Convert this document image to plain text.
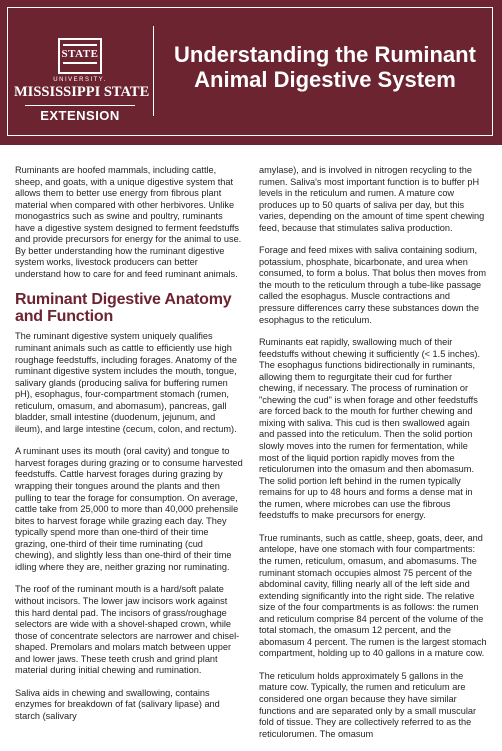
STATE
UNIVERSITY.
MISSISSIPPI STATE
EXTENSION
Understanding the Ruminant
Animal Digestive System

Ruminants are hoofed mammals, including cattle, sheep, and goats, with a unique digestive system that allows them to better use energy from fibrous plant material when compared with other herbivores. Unlike monogastrics such as swine and poultry, ruminants have a digestive system designed to ferment feedstuffs and provide precursors for energy for the animal to use. By better understanding how the ruminant digestive system works, livestock producers can better understand how to care for and feed ruminant animals.

Ruminant Digestive Anatomy and Function

The ruminant digestive system uniquely qualifies ruminant animals such as cattle to efficiently use high roughage feedstuffs, including forages. Anatomy of the ruminant digestive system includes the mouth, tongue, salivary glands (producing saliva for buffering rumen pH), esophagus, four-compartment stomach (rumen, reticulum, omasum, and abomasum), pancreas, gall bladder, small intestine (duodenum, jejunum, and ileum), and large intestine (cecum, colon, and rectum).

A ruminant uses its mouth (oral cavity) and tongue to harvest forages during grazing or to consume harvested feedstuffs. Cattle harvest forages during grazing by wrapping their tongues around the plants and then pulling to tear the forage for consumption. On average, cattle take from 25,000 to more than 40,000 prehensile bites to harvest forage while grazing each day. They typically spend more than one-third of their time grazing, one-third of their time ruminating (cud chewing), and slightly less than one-third of their time idling where they are, neither grazing nor ruminating.

The roof of the ruminant mouth is a hard/soft palate without incisors. The lower jaw incisors work against this hard dental pad. The incisors of grass/roughage selectors are wide with a shovel-shaped crown, while those of concentrate selectors are narrower and chisel-shaped. Premolars and molars match between upper and lower jaws. These teeth crush and grind plant material during initial chewing and rumination.

Saliva aids in chewing and swallowing, contains enzymes for breakdown of fat (salivary lipase) and starch (salivary

amylase), and is involved in nitrogen recycling to the rumen. Saliva's most important function is to buffer pH levels in the reticulum and rumen. A mature cow produces up to 50 quarts of saliva per day, but this varies, depending on the amount of time spent chewing feed, because that stimulates saliva production.

Forage and feed mixes with saliva containing sodium, potassium, phosphate, bicarbonate, and urea when consumed, to form a bolus. That bolus then moves from the mouth to the reticulum through a tube-like passage called the esophagus. Muscle contractions and pressure differences carry these substances down the esophagus to the reticulum.

Ruminants eat rapidly, swallowing much of their feedstuffs without chewing it sufficiently (< 1.5 inches). The esophagus functions bidirectionally in ruminants, allowing them to regurgitate their cud for further chewing, if necessary. The process of rumination or "chewing the cud" is when forage and other feedstuffs are forced back to the mouth for further chewing and mixing with saliva. This cud is then swallowed again and passed into the reticulum. Then the solid portion slowly moves into the rumen for fermentation, while most of the liquid portion rapidly moves from the reticulorumen into the omasum and then abomasum. The solid portion left behind in the rumen typically remains for up to 48 hours and forms a dense mat in the rumen, where microbes can use the fibrous feedstuffs to make precursors for energy.

True ruminants, such as cattle, sheep, goats, deer, and antelope, have one stomach with four compartments: the rumen, reticulum, omasum, and abomasums. The ruminant stomach occupies almost 75 percent of the abdominal cavity, filling nearly all of the left side and extending significantly into the right side. The relative size of the four compartments is as follows: the rumen and reticulum comprise 84 percent of the volume of the total stomach, the omasum 12 percent, and the abomasum 4 percent. The rumen is the largest stomach compartment, holding up to 40 gallons in a mature cow.

The reticulum holds approximately 5 gallons in the mature cow. Typically, the rumen and reticulum are considered one organ because they have similar functions and are separated only by a small muscular fold of tissue. They are collectively referred to as the reticulorumen. The omasum
